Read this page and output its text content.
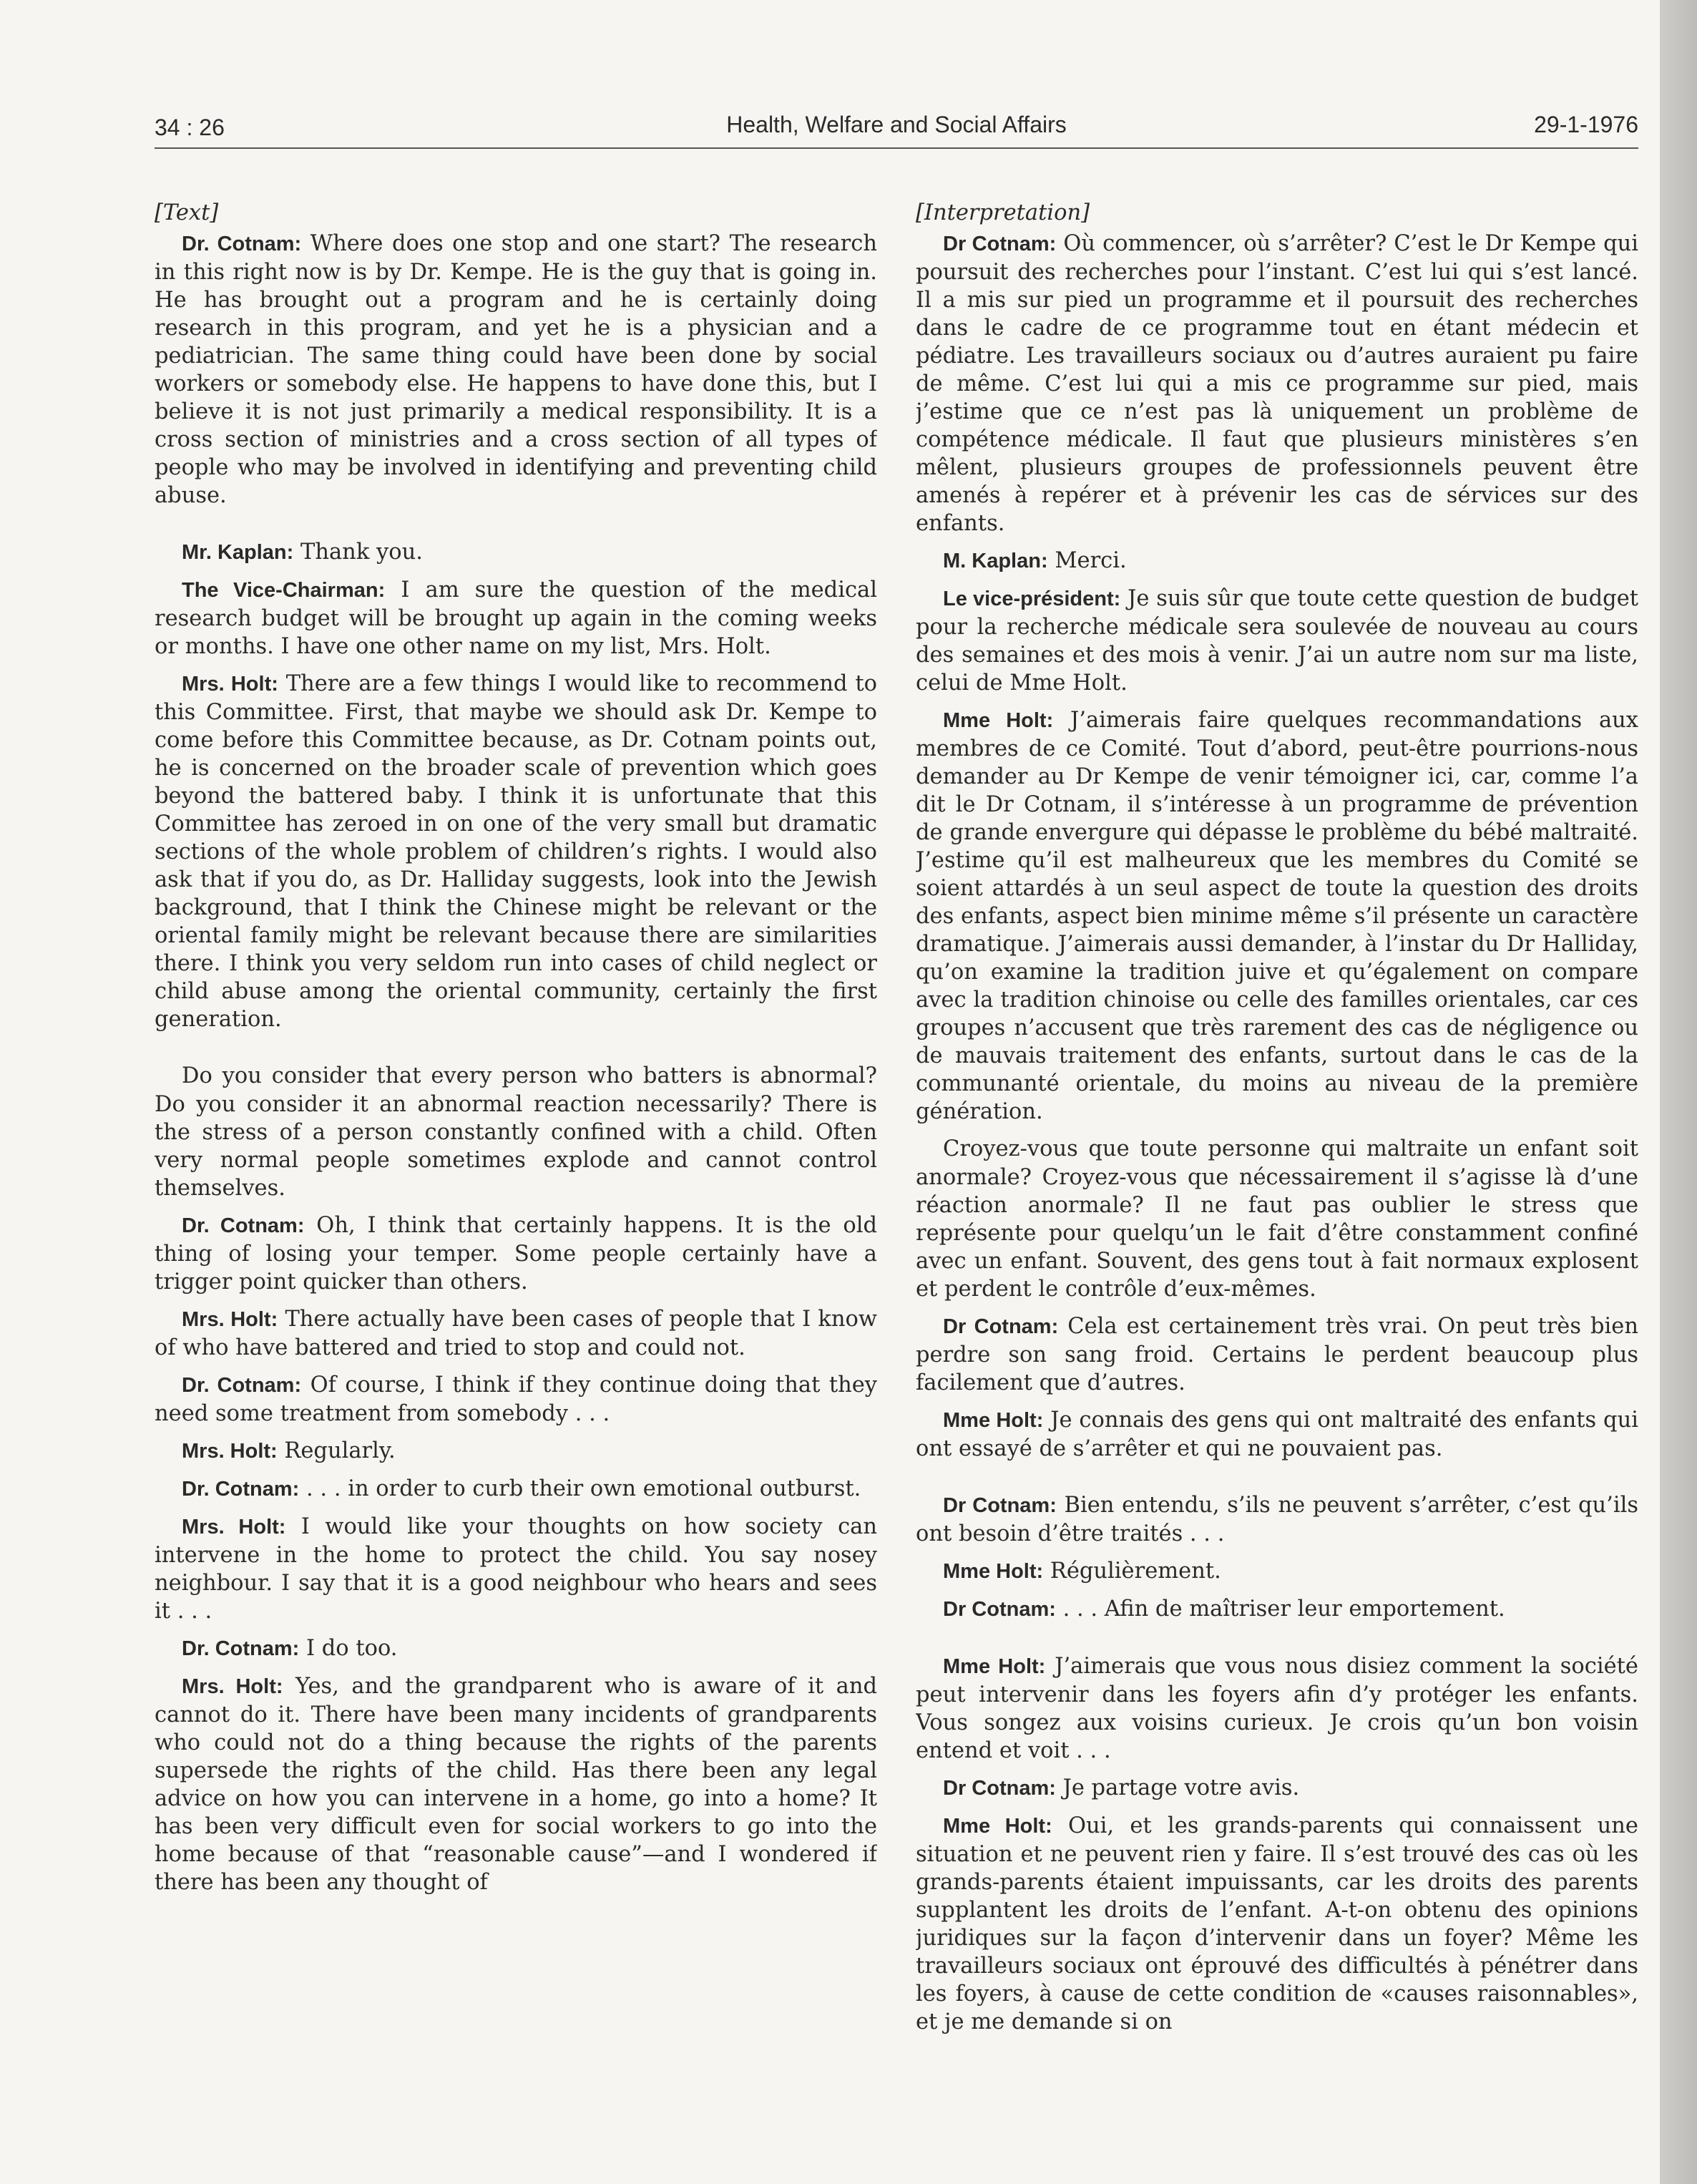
34 : 26	Health, Welfare and Social Affairs	29-1-1976

[Text]

Dr. Cotnam: Where does one stop and one start? The research in this right now is by Dr. Kempe. He is the guy that is going in. He has brought out a program and he is certainly doing research in this program, and yet he is a physician and a pediatrician. The same thing could have been done by social workers or somebody else. He happens to have done this, but I believe it is not just primarily a medical responsibility. It is a cross section of ministries and a cross section of all types of people who may be involved in identifying and preventing child abuse.

Mr. Kaplan: Thank you.

The Vice-Chairman: I am sure the question of the medical research budget will be brought up again in the coming weeks or months. I have one other name on my list, Mrs. Holt.

Mrs. Holt: There are a few things I would like to recommend to this Committee. First, that maybe we should ask Dr. Kempe to come before this Committee because, as Dr. Cotnam points out, he is concerned on the broader scale of prevention which goes beyond the battered baby. I think it is unfortunate that this Committee has zeroed in on one of the very small but dramatic sections of the whole problem of children’s rights. I would also ask that if you do, as Dr. Halliday suggests, look into the Jewish background, that I think the Chinese might be relevant or the oriental family might be relevant because there are similarities there. I think you very seldom run into cases of child neglect or child abuse among the oriental community, certainly the first generation.

Do you consider that every person who batters is abnormal? Do you consider it an abnormal reaction necessarily? There is the stress of a person constantly confined with a child. Often very normal people sometimes explode and cannot control themselves.

Dr. Cotnam: Oh, I think that certainly happens. It is the old thing of losing your temper. Some people certainly have a trigger point quicker than others.

Mrs. Holt: There actually have been cases of people that I know of who have battered and tried to stop and could not.

Dr. Cotnam: Of course, I think if they continue doing that they need some treatment from somebody . . .

Mrs. Holt: Regularly.

Dr. Cotnam: . . . in order to curb their own emotional outburst.

Mrs. Holt: I would like your thoughts on how society can intervene in the home to protect the child. You say nosey neighbour. I say that it is a good neighbour who hears and sees it . . .

Dr. Cotnam: I do too.

Mrs. Holt: Yes, and the grandparent who is aware of it and cannot do it. There have been many incidents of grandparents who could not do a thing because the rights of the parents supersede the rights of the child. Has there been any legal advice on how you can intervene in a home, go into a home? It has been very difficult even for social workers to go into the home because of that “reasonable cause”—and I wondered if there has been any thought of

[Interpretation]

Dr Cotnam: Où commencer, où s’arrêter? C’est le Dr Kempe qui poursuit des recherches pour l’instant. C’est lui qui s’est lancé. Il a mis sur pied un programme et il poursuit des recherches dans le cadre de ce programme tout en étant médecin et pédiatre. Les travailleurs sociaux ou d’autres auraient pu faire de même. C’est lui qui a mis ce programme sur pied, mais j’estime que ce n’est pas là uniquement un problème de compétence médicale. Il faut que plusieurs ministères s’en mêlent, plusieurs groupes de professionnels peuvent être amenés à repérer et à prévenir les cas de sérvices sur des enfants.

M. Kaplan: Merci.

Le vice-président: Je suis sûr que toute cette question de budget pour la recherche médicale sera soulevée de nouveau au cours des semaines et des mois à venir. J’ai un autre nom sur ma liste, celui de Mme Holt.

Mme Holt: J’aimerais faire quelques recommandations aux membres de ce Comité. Tout d’abord, peut-être pourrions-nous demander au Dr Kempe de venir témoigner ici, car, comme l’a dit le Dr Cotnam, il s’intéresse à un programme de prévention de grande envergure qui dépasse le problème du bébé maltraité. J’estime qu’il est malheureux que les membres du Comité se soient attardés à un seul aspect de toute la question des droits des enfants, aspect bien minime même s’il présente un caractère dramatique. J’aimerais aussi demander, à l’instar du Dr Halliday, qu’on examine la tradition juive et qu’également on compare avec la tradition chinoise ou celle des familles orientales, car ces groupes n’accusent que très rarement des cas de négligence ou de mauvais traitement des enfants, surtout dans le cas de la communanté orientale, du moins au niveau de la première génération.

Croyez-vous que toute personne qui maltraite un enfant soit anormale? Croyez-vous que nécessairement il s’agisse là d’une réaction anormale? Il ne faut pas oublier le stress que représente pour quelqu’un le fait d’être constamment confiné avec un enfant. Souvent, des gens tout à fait normaux explosent et perdent le contrôle d’eux-mêmes.

Dr Cotnam: Cela est certainement très vrai. On peut très bien perdre son sang froid. Certains le perdent beaucoup plus facilement que d’autres.

Mme Holt: Je connais des gens qui ont maltraité des enfants qui ont essayé de s’arrêter et qui ne pouvaient pas.

Dr Cotnam: Bien entendu, s’ils ne peuvent s’arrêter, c’est qu’ils ont besoin d’être traités . . .

Mme Holt: Régulièrement.

Dr Cotnam: . . . Afin de maîtriser leur emportement.

Mme Holt: J’aimerais que vous nous disiez comment la société peut intervenir dans les foyers afin d’y protéger les enfants. Vous songez aux voisins curieux. Je crois qu’un bon voisin entend et voit . . .

Dr Cotnam: Je partage votre avis.

Mme Holt: Oui, et les grands-parents qui connaissent une situation et ne peuvent rien y faire. Il s’est trouvé des cas où les grands-parents étaient impuissants, car les droits des parents supplantent les droits de l’enfant. A-t-on obtenu des opinions juridiques sur la façon d’intervenir dans un foyer? Même les travailleurs sociaux ont éprouvé des difficultés à pénétrer dans les foyers, à cause de cette condition de «causes raisonnables», et je me demande si on
